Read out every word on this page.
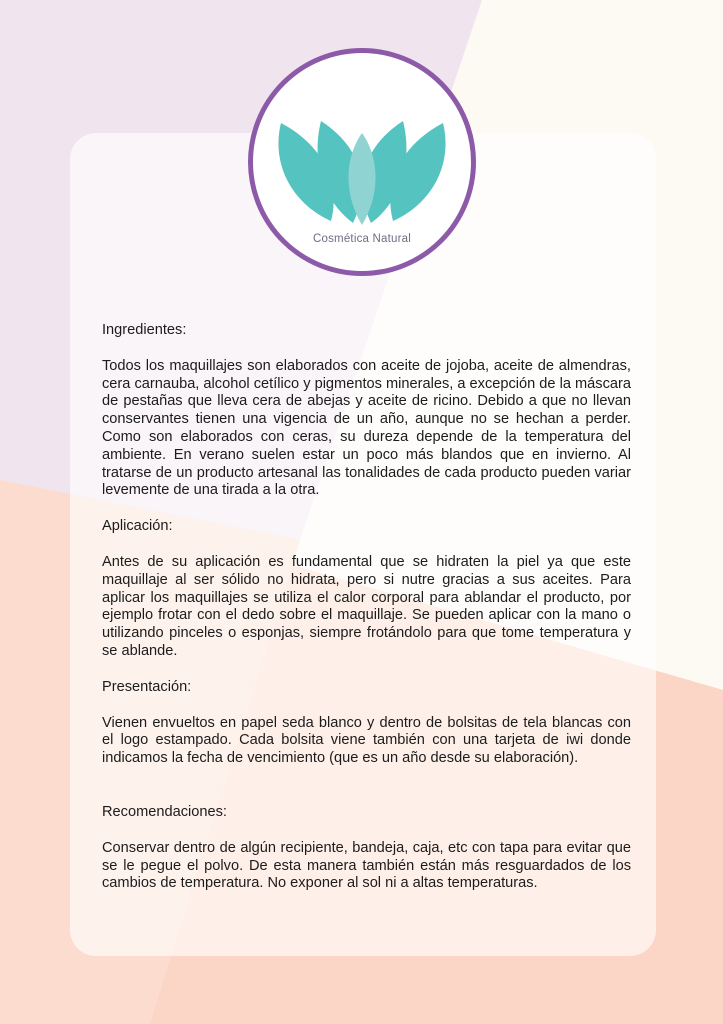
Cosmética Natural
Ingredientes:

Todos los maquillajes son elaborados con aceite de jojoba, aceite de almendras, cera carnauba, alcohol cetílico y pigmentos minerales, a excepción de la máscara de pestañas que lleva cera de abejas y aceite de ricino. Debido a que no llevan conservantes tienen una vigencia de un año, aunque no se hechan a perder. Como son elaborados con ceras, su dureza depende de la temperatura del ambiente. En verano suelen estar un poco más blandos que en invierno. Al tratarse de un producto artesanal las tonalidades de cada producto pueden variar levemente de una tirada a la otra.

Aplicación:

Antes de su aplicación es fundamental que se hidraten la piel ya que este maquillaje al ser sólido no hidrata, pero si nutre gracias a sus aceites. Para aplicar los maquillajes se utiliza el calor corporal para ablandar el producto, por ejemplo frotar con el dedo sobre el maquillaje. Se pueden aplicar con la mano o utilizando pinceles o esponjas, siempre frotándolo para que tome temperatura y se ablande.

Presentación:

Vienen envueltos en papel seda blanco y dentro de bolsitas de tela blancas con el logo estampado. Cada bolsita viene también con una tarjeta de iwi donde indicamos la fecha de vencimiento (que es un año desde su elaboración).

Recomendaciones:

Conservar dentro de algún recipiente, bandeja, caja, etc con tapa para evitar que se le pegue el polvo. De esta manera también están más resguardados de los cambios de temperatura. No exponer al sol ni a altas temperaturas.
